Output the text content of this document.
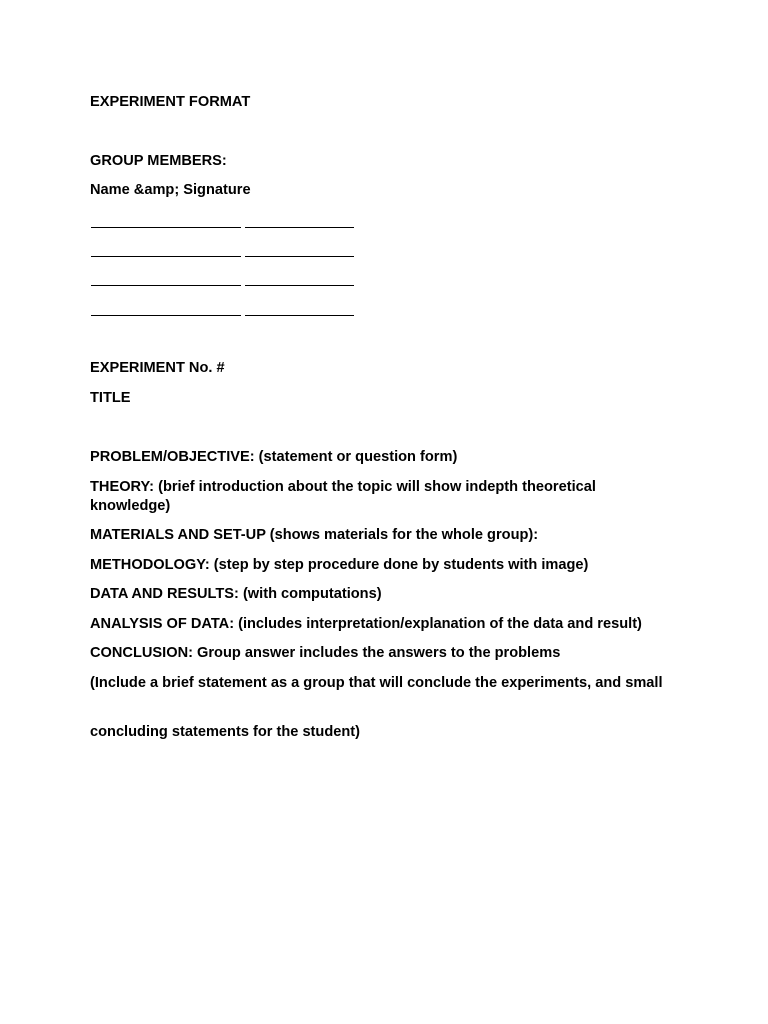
EXPERIMENT FORMAT
GROUP MEMBERS:
Name &amp; Signature
EXPERIMENT No. #
TITLE
PROBLEM/OBJECTIVE: (statement or question form)
THEORY: (brief introduction about the topic will show indepth theoretical knowledge)
MATERIALS AND SET-UP (shows materials for the whole group):
METHODOLOGY: (step by step procedure done by students with image)
DATA AND RESULTS: (with computations)
ANALYSIS OF DATA: (includes interpretation/explanation of the data and result)
CONCLUSION: Group answer includes the answers to the problems
(Include a brief statement as a group that will conclude the experiments, and small
concluding statements for the student)
